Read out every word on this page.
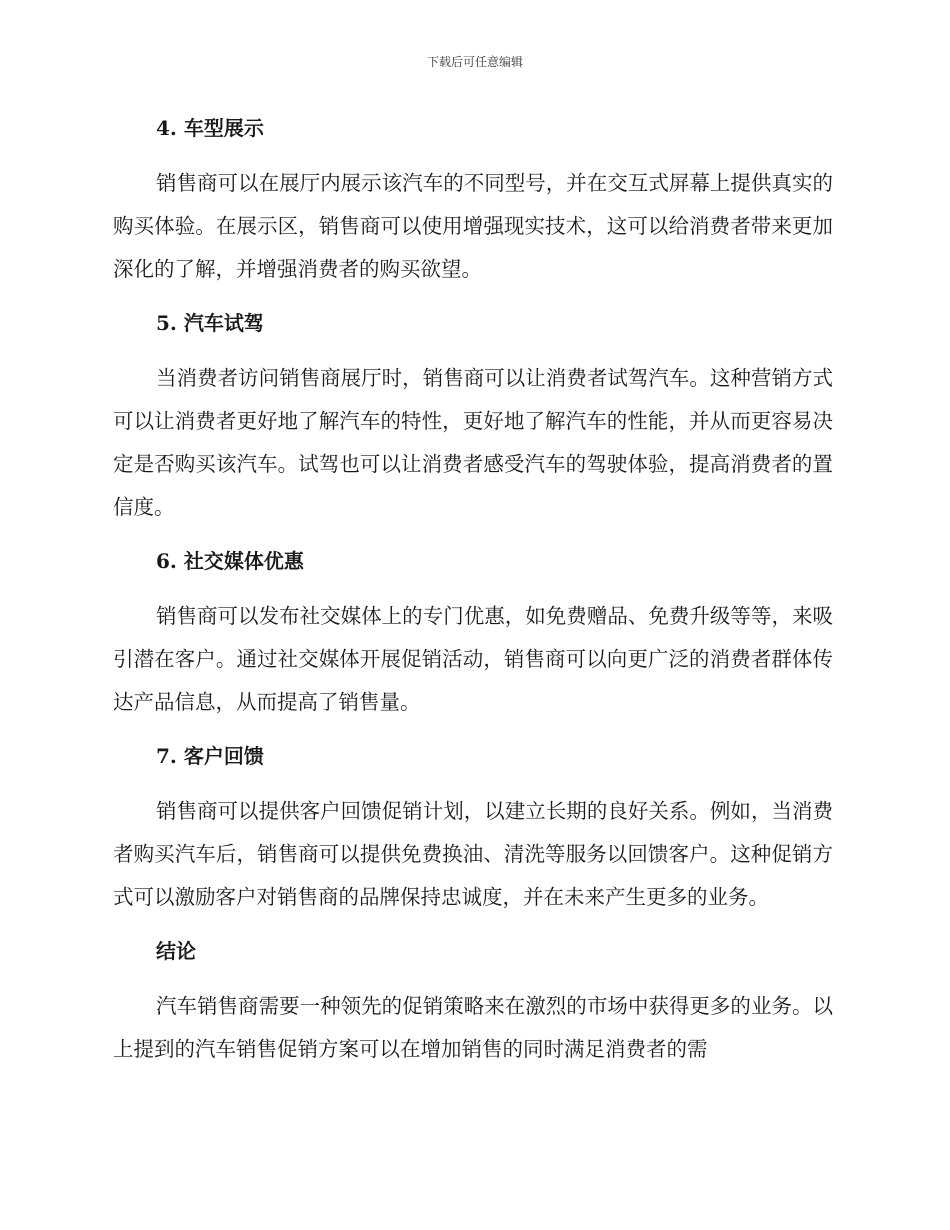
下载后可任意编辑
4. 车型展示

销售商可以在展厅内展示该汽车的不同型号，并在交互式屏幕上提供真实的购买体验。在展示区，销售商可以使用增强现实技术，这可以给消费者带来更加深化的了解，并增强消费者的购买欲望。

5. 汽车试驾

当消费者访问销售商展厅时，销售商可以让消费者试驾汽车。这种营销方式可以让消费者更好地了解汽车的特性，更好地了解汽车的性能，并从而更容易决定是否购买该汽车。试驾也可以让消费者感受汽车的驾驶体验，提高消费者的置信度。

6. 社交媒体优惠

销售商可以发布社交媒体上的专门优惠，如免费赠品、免费升级等等，来吸引潜在客户。通过社交媒体开展促销活动，销售商可以向更广泛的消费者群体传达产品信息，从而提高了销售量。

7. 客户回馈

销售商可以提供客户回馈促销计划，以建立长期的良好关系。例如，当消费者购买汽车后，销售商可以提供免费换油、清洗等服务以回馈客户。这种促销方式可以激励客户对销售商的品牌保持忠诚度，并在未来产生更多的业务。

结论

汽车销售商需要一种领先的促销策略来在激烈的市场中获得更多的业务。以上提到的汽车销售促销方案可以在增加销售的同时满足消费者的需
